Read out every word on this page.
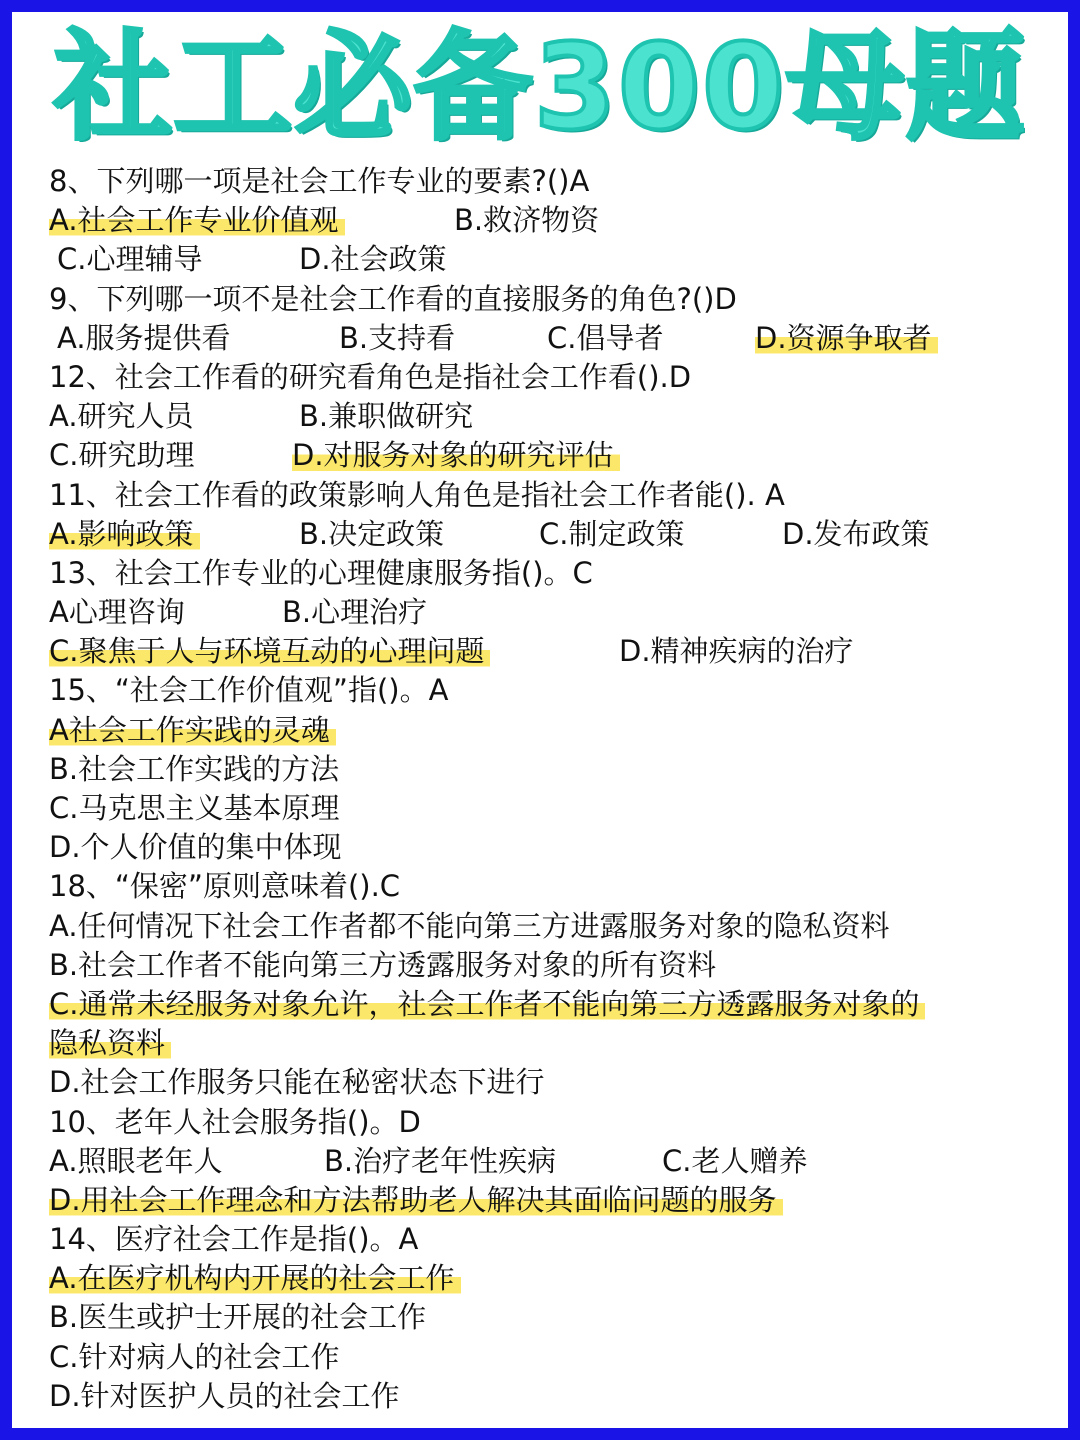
社工必备300母题
8、下列哪一项是社会工作专业的要素?()A
A.社会工作专业价值观	B.救济物资
C.心理辅导	D.社会政策
9、下列哪一项不是社会工作看的直接服务的角色?()D
A.服务提供看	B.支持看	C.倡导者	D.资源争取者
12、社会工作看的研究看角色是指社会工作看().D
A.研究人员	B.兼职做研究
C.研究助理	D.对服务对象的研究评估
11、社会工作看的政策影响人角色是指社会工作者能(). A
A.影响政策	B.决定政策	C.制定政策	D.发布政策
13、社会工作专业的心理健康服务指()。C
A心理咨询	B.心理治疗
C.聚焦于人与环境互动的心理问题	D.精神疾病的治疗
15、“社会工作价值观”指()。A
A社会工作实践的灵魂
B.社会工作实践的方法
C.马克思主义基本原理
D.个人价值的集中体现
18、“保密”原则意味着().C
A.任何情况下社会工作者都不能向第三方进露服务对象的隐私资料
B.社会工作者不能向第三方透露服务对象的所有资料
C.通常未经服务对象允许，社会工作者不能向第三方透露服务对象的
隐私资料
D.社会工作服务只能在秘密状态下进行
10、老年人社会服务指()。D
A.照眼老年人	B.治疗老年性疾病	C.老人赠养
D.用社会工作理念和方法帮助老人解决其面临问题的服务
14、医疗社会工作是指()。A
A.在医疗机构内开展的社会工作
B.医生或护士开展的社会工作
C.针对病人的社会工作
D.针对医护人员的社会工作
